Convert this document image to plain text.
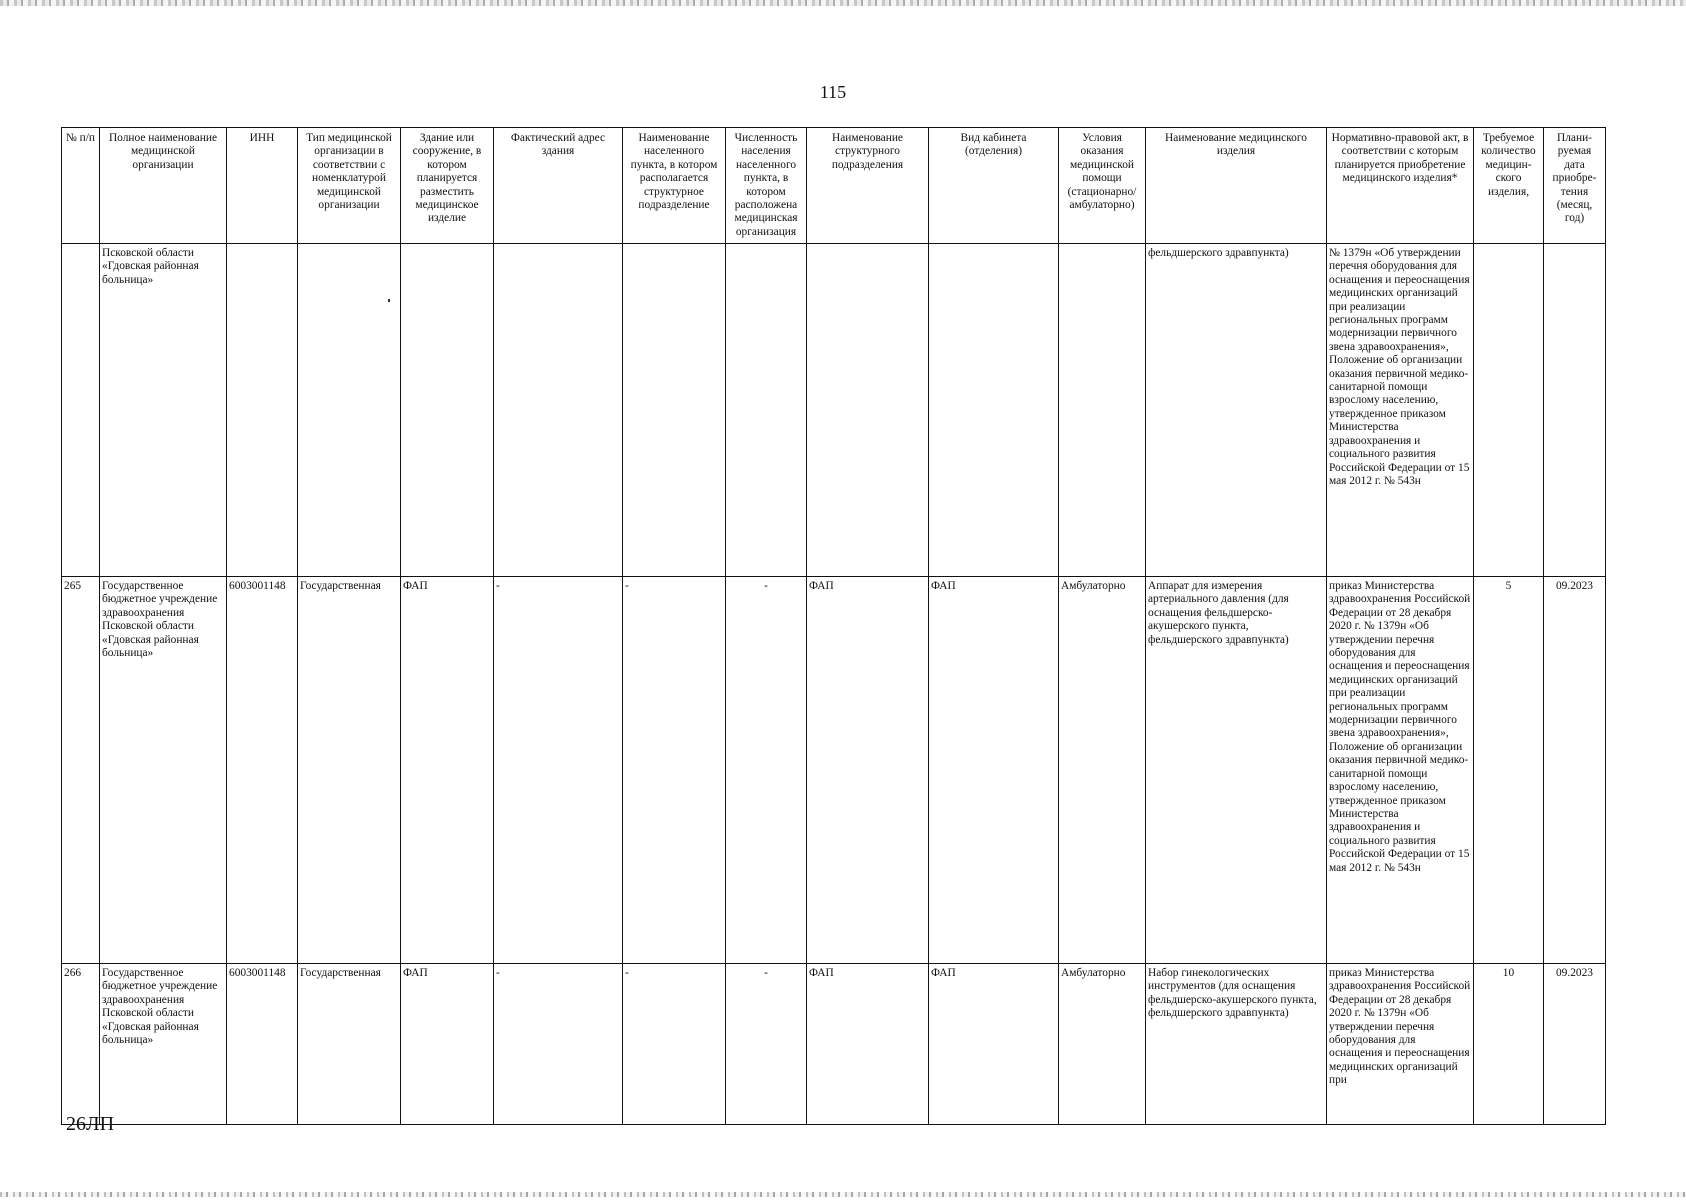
115
№ п/п	Полное наименование медицинской организации	ИНН	Тип медицинской организации в соответствии с номенклатурой медицинской организации	Здание или сооружение, в котором планируется разместить медицинское изделие	Фактический адрес здания	Наименование населенного пункта, в котором располагается структурное подразделение	Численность населения населенного пункта, в котором расположена медицинская организация	Наименование структурного подразделения	Вид кабинета (отделения)	Условия оказания медицинской помощи (стационарно/ амбулаторно)	Наименование медицинского изделия	Нормативно-правовой акт, в соответствии с которым планируется приобретение медицинского изделия*	Требуемое количество медицин-ского изделия,	Плани-руемая дата приобре-тения (месяц, год)
	Псковской области «Гдовская районная больница»										фельдшерского здравпункта)	№ 1379н «Об утверждении перечня оборудования для оснащения и переоснащения медицинских организаций при реализации региональных программ модернизации первичного звена здравоохранения», Положение об организации оказания первичной медико-санитарной помощи взрослому населению, утвержденное приказом Министерства здравоохранения и социального развития Российской Федерации от 15 мая 2012 г. № 543н		
265	Государственное бюджетное учреждение здравоохранения Псковской области «Гдовская районная больница»	6003001148	Государственная	ФАП	-	-	-	ФАП	ФАП	Амбулаторно	Аппарат для измерения артериального давления (для оснащения фельдшерско-акушерского пункта, фельдшерского здравпункта)	приказ Министерства здравоохранения Российской Федерации от 28 декабря 2020 г. № 1379н «Об утверждении перечня оборудования для оснащения и переоснащения медицинских организаций при реализации региональных программ модернизации первичного звена здравоохранения», Положение об организации оказания первичной медико-санитарной помощи взрослому населению, утвержденное приказом Министерства здравоохранения и социального развития Российской Федерации от 15 мая 2012 г. № 543н	5	09.2023
266	Государственное бюджетное учреждение здравоохранения Псковской области «Гдовская районная больница»	6003001148	Государственная	ФАП	-	-	-	ФАП	ФАП	Амбулаторно	Набор гинекологических инструментов (для оснащения фельдшерско-акушерского пункта, фельдшерского здравпункта)	приказ Министерства здравоохранения Российской Федерации от 28 декабря 2020 г. № 1379н «Об утверждении перечня оборудования для оснащения и переоснащения медицинских организаций при	10	09.2023
26ЛП
